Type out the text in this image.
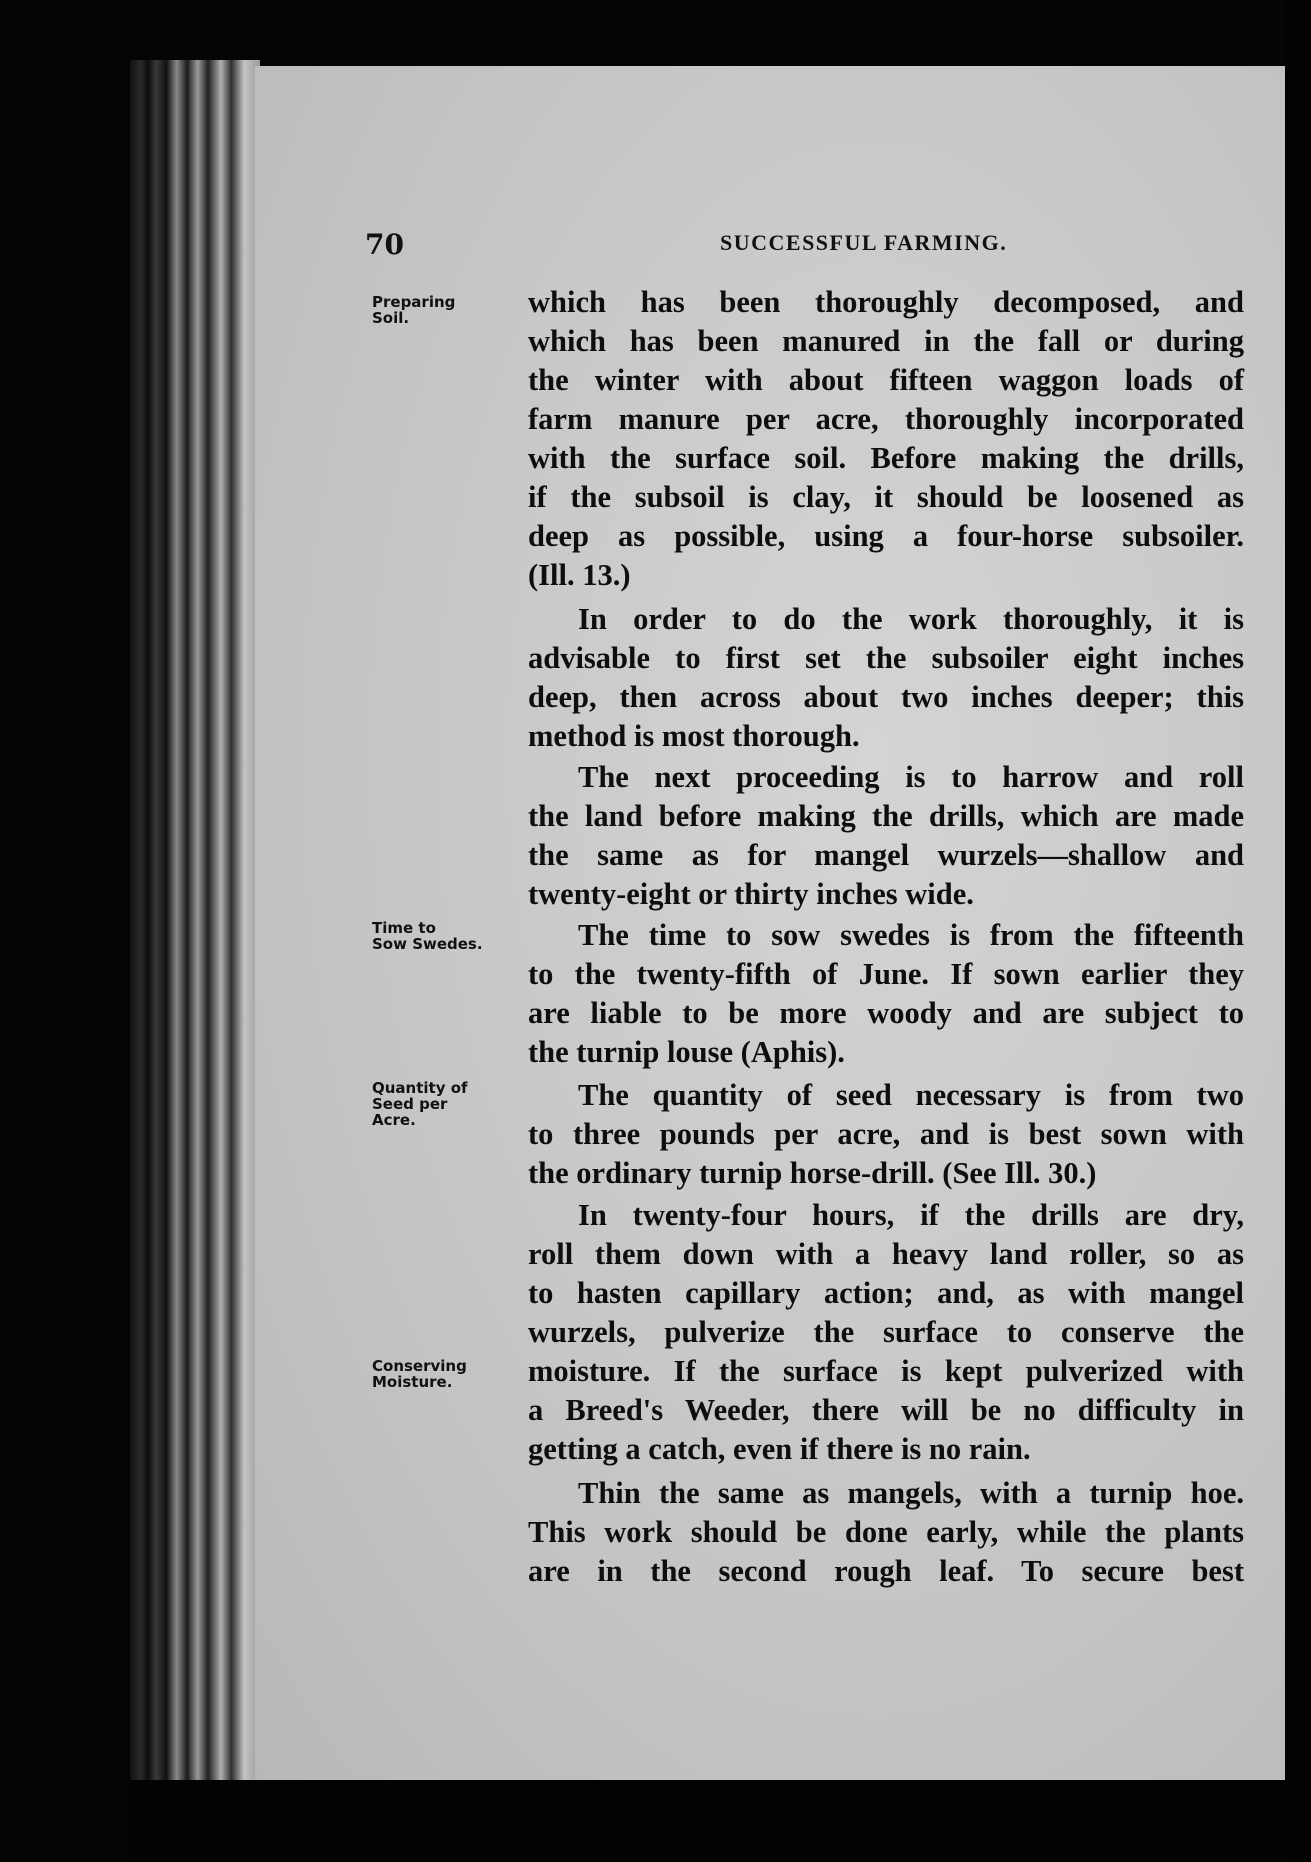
70	SUCCESSFUL FARMING.
Preparing
Soil.
Time to
Sow Swedes.
Quantity of
Seed per
Acre.
Conserving
Moisture.
which has been thoroughly decomposed, and
which has been manured in the fall or during
the winter with about fifteen waggon loads of
farm manure per acre, thoroughly incorporated
with the surface soil. Before making the drills,
if the subsoil is clay, it should be loosened as
deep as possible, using a four-horse subsoiler.
(Ill. 13.)
In order to do the work thoroughly, it is
advisable to first set the subsoiler eight inches
deep, then across about two inches deeper; this
method is most thorough.
The next proceeding is to harrow and roll
the land before making the drills, which are made
the same as for mangel wurzels—shallow and
twenty-eight or thirty inches wide.
The time to sow swedes is from the fifteenth
to the twenty-fifth of June. If sown earlier they
are liable to be more woody and are subject to
the turnip louse (Aphis).
The quantity of seed necessary is from two
to three pounds per acre, and is best sown with
the ordinary turnip horse-drill. (See Ill. 30.)
In twenty-four hours, if the drills are dry,
roll them down with a heavy land roller, so as
to hasten capillary action; and, as with mangel
wurzels, pulverize the surface to conserve the
moisture. If the surface is kept pulverized with
a Breed's Weeder, there will be no difficulty in
getting a catch, even if there is no rain.
Thin the same as mangels, with a turnip hoe.
This work should be done early, while the plants
are in the second rough leaf. To secure best
